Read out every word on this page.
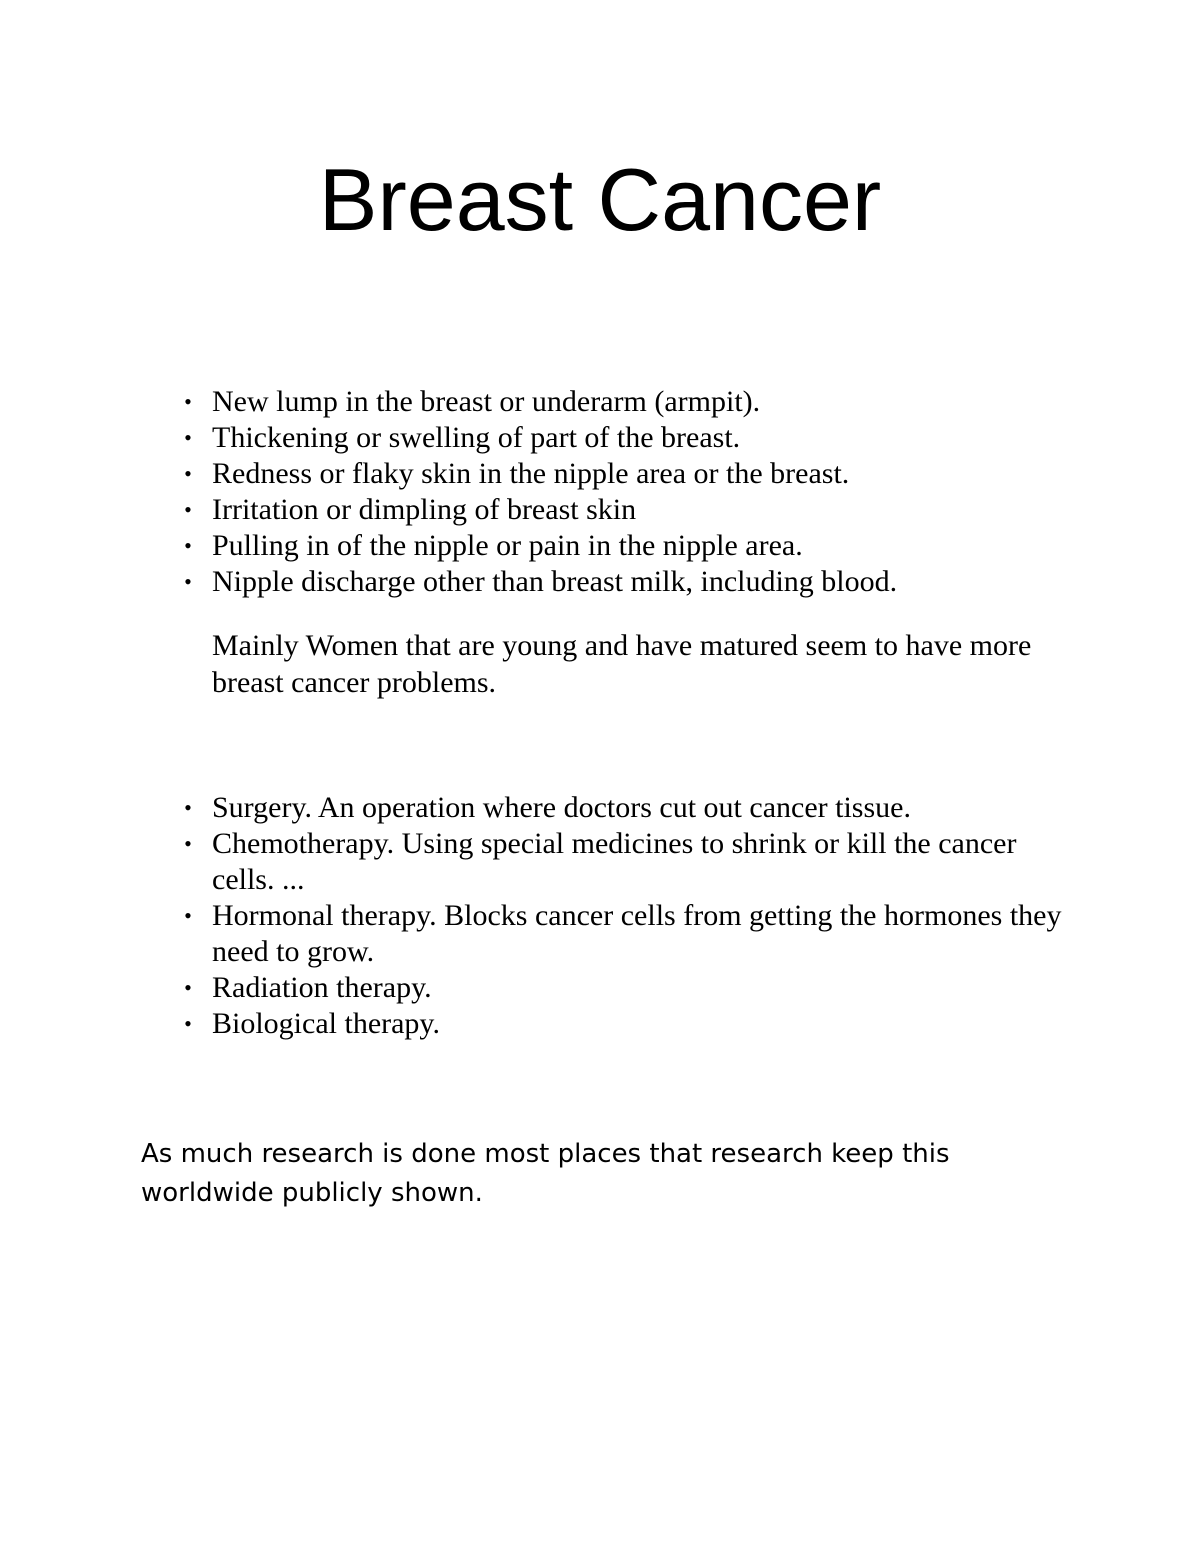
Breast Cancer
• New lump in the breast or underarm (armpit).
• Thickening or swelling of part of the breast.
• Redness or flaky skin in the nipple area or the breast.
• Irritation or dimpling of breast skin
• Pulling in of the nipple or pain in the nipple area.
• Nipple discharge other than breast milk, including blood.

Mainly Women that are young and have matured seem to have more breast cancer problems.

• Surgery. An operation where doctors cut out cancer tissue.
• Chemotherapy. Using special medicines to shrink or kill the cancer cells. ...
• Hormonal therapy. Blocks cancer cells from getting the hormones they need to grow.
• Radiation therapy.
• Biological therapy.

As much research is done most places that research keep this worldwide publicly shown.
